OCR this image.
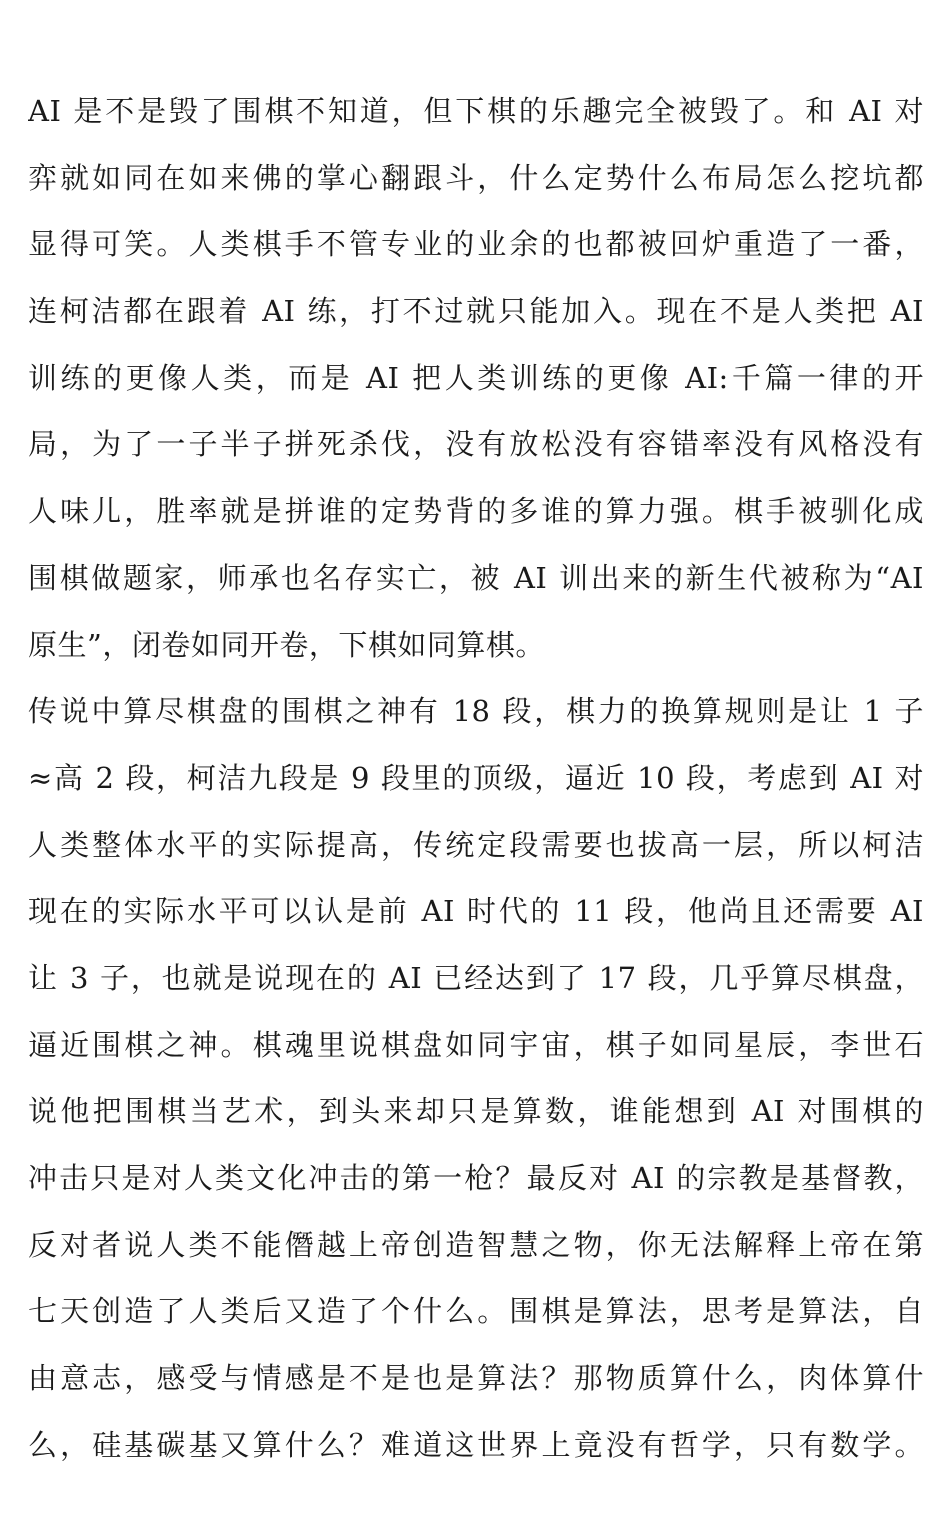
AI 是不是毁了围棋不知道，但下棋的乐趣完全被毁了。和 AI 对
弈就如同在如来佛的掌心翻跟斗，什么定势什么布局怎么挖坑都
显得可笑。人类棋手不管专业的业余的也都被回炉重造了一番，
连柯洁都在跟着 AI 练，打不过就只能加入。现在不是人类把 AI
训练的更像人类，而是 AI 把人类训练的更像 AI:千篇一律的开
局，为了一子半子拼死杀伐，没有放松没有容错率没有风格没有
人味儿，胜率就是拼谁的定势背的多谁的算力强。棋手被驯化成
围棋做题家，师承也名存实亡，被 AI 训出来的新生代被称为“AI
原生”，闭卷如同开卷，下棋如同算棋。
传说中算尽棋盘的围棋之神有 18 段，棋力的换算规则是让 1 子
≈高 2 段，柯洁九段是 9 段里的顶级，逼近 10 段，考虑到 AI 对
人类整体水平的实际提高，传统定段需要也拔高一层，所以柯洁
现在的实际水平可以认是前 AI 时代的 11 段，他尚且还需要 AI
让 3 子，也就是说现在的 AI 已经达到了 17 段，几乎算尽棋盘，
逼近围棋之神。棋魂里说棋盘如同宇宙，棋子如同星辰，李世石
说他把围棋当艺术，到头来却只是算数，谁能想到 AI 对围棋的
冲击只是对人类文化冲击的第一枪？最反对 AI 的宗教是基督教，
反对者说人类不能僭越上帝创造智慧之物，你无法解释上帝在第
七天创造了人类后又造了个什么。围棋是算法，思考是算法，自
由意志，感受与情感是不是也是算法？那物质算什么，肉体算什
么，硅基碳基又算什么？难道这世界上竟没有哲学，只有数学。
